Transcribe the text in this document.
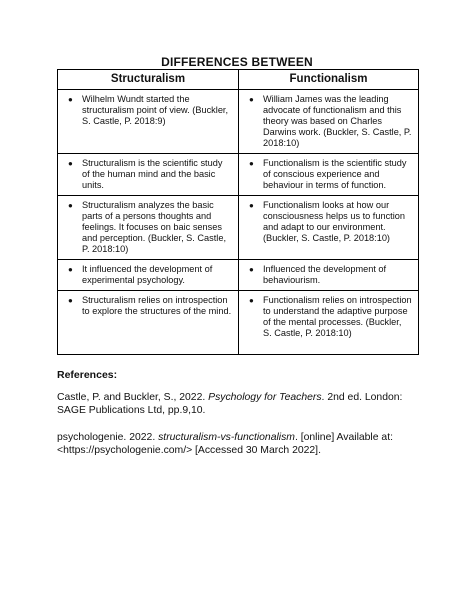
DIFFERENCES BETWEEN
Structuralism	Functionalism

● Wilhelm Wundt started the structuralism point of view. (Buckler, S. Castle, P. 2018:9)	● William James was the leading advocate of functionalism and this theory was based on Charles Darwins work. (Buckler, S. Castle, P. 2018:10)

● Structuralism is the scientific study of the human mind and the basic units.	● Functionalism is the scientific study of conscious experience and behaviour in terms of function.

● Structuralism analyzes the basic parts of a persons thoughts and feelings. It focuses on baic senses and perception. (Buckler, S. Castle, P. 2018:10)	● Functionalism looks at how our consciousness helps us to function and adapt to our environment. (Buckler, S. Castle, P. 2018:10)

● It influenced the development of experimental psychology.	● Influenced the development of behaviourism.

● Structuralism relies on introspection to explore the structures of the mind.	● Functionalism relies on introspection to understand the adaptive purpose of the mental processes. (Buckler, S. Castle, P. 2018:10)
References:
Castle, P. and Buckler, S., 2022. Psychology for Teachers. 2nd ed. London: SAGE Publications Ltd, pp.9,10.
psychologenie. 2022. structuralism-vs-functionalism. [online] Available at: <https://psychologenie.com/> [Accessed 30 March 2022].
